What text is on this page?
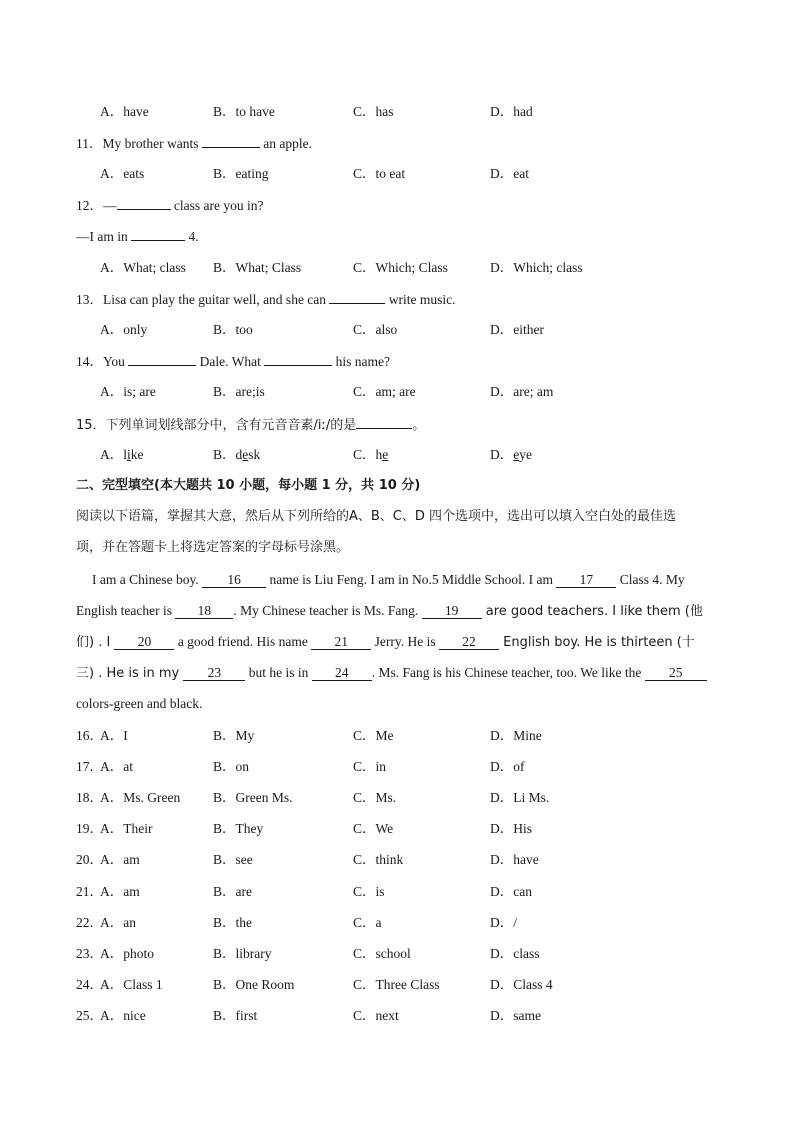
A．have	B．to have	C．has	D．had
11．My brother wants	an apple.
A．eats	B．eating	C．to eat	D．eat
12．—	class are you in?
—I am in	4.
A．What; class B．What; Class	C．Which; Class	D．Which; class
13．Lisa can play the guitar well, and she can	write music.
A．only	B．too	C．also	D．either
14．You	Dale. What	his name?
A．is; are	B．are;is	C．am; are	D．are; am
15．下列单词划线部分中，含有元音音素/iː/的是	。
A．like	B．desk	C．he	D．eye
二、完型填空(本大题共 10 小题，每小题 1 分，共 10 分)
阅读以下语篇，掌握其大意，然后从下列所给的A、B、C、D 四个选项中，选出可以填入空白处的最佳选
项，并在答题卡上将选定答案的字母标号涂黑。
I am a Chinese boy. 16 name is Liu Feng. I am in No.5 Middle School. I am 17 Class 4. My
English teacher is 18 . My Chinese teacher is Ms. Fang. 19 are good teachers. I like them (他
们) . I 20 a good friend. His name 21 Jerry. He is 22 English boy. He is thirteen (十
三) . He is in my 23 but he is in 24 . Ms. Fang is his Chinese teacher, too. We like the 25
colors-green and black.
16．
A．I	B．My	C．Me	D．Mine
17．
A．at	B．on	C．in	D．of
18．
A．Ms. Green B．Green Ms.	C．Ms.	D．Li Ms.
19．
A．Their	B．They	C．We	D．His
20．
A．am	B．see	C．think	D．have
21．
A．am	B．are	C．is	D．can
22．
A．an	B．the	C．a	D．/
23．
A．photo	B．library	C．school	D．class
24．
A．Class 1	B．One Room	C．Three Class	D．Class 4
25．
A．nice	B．first	C．next	D．same
